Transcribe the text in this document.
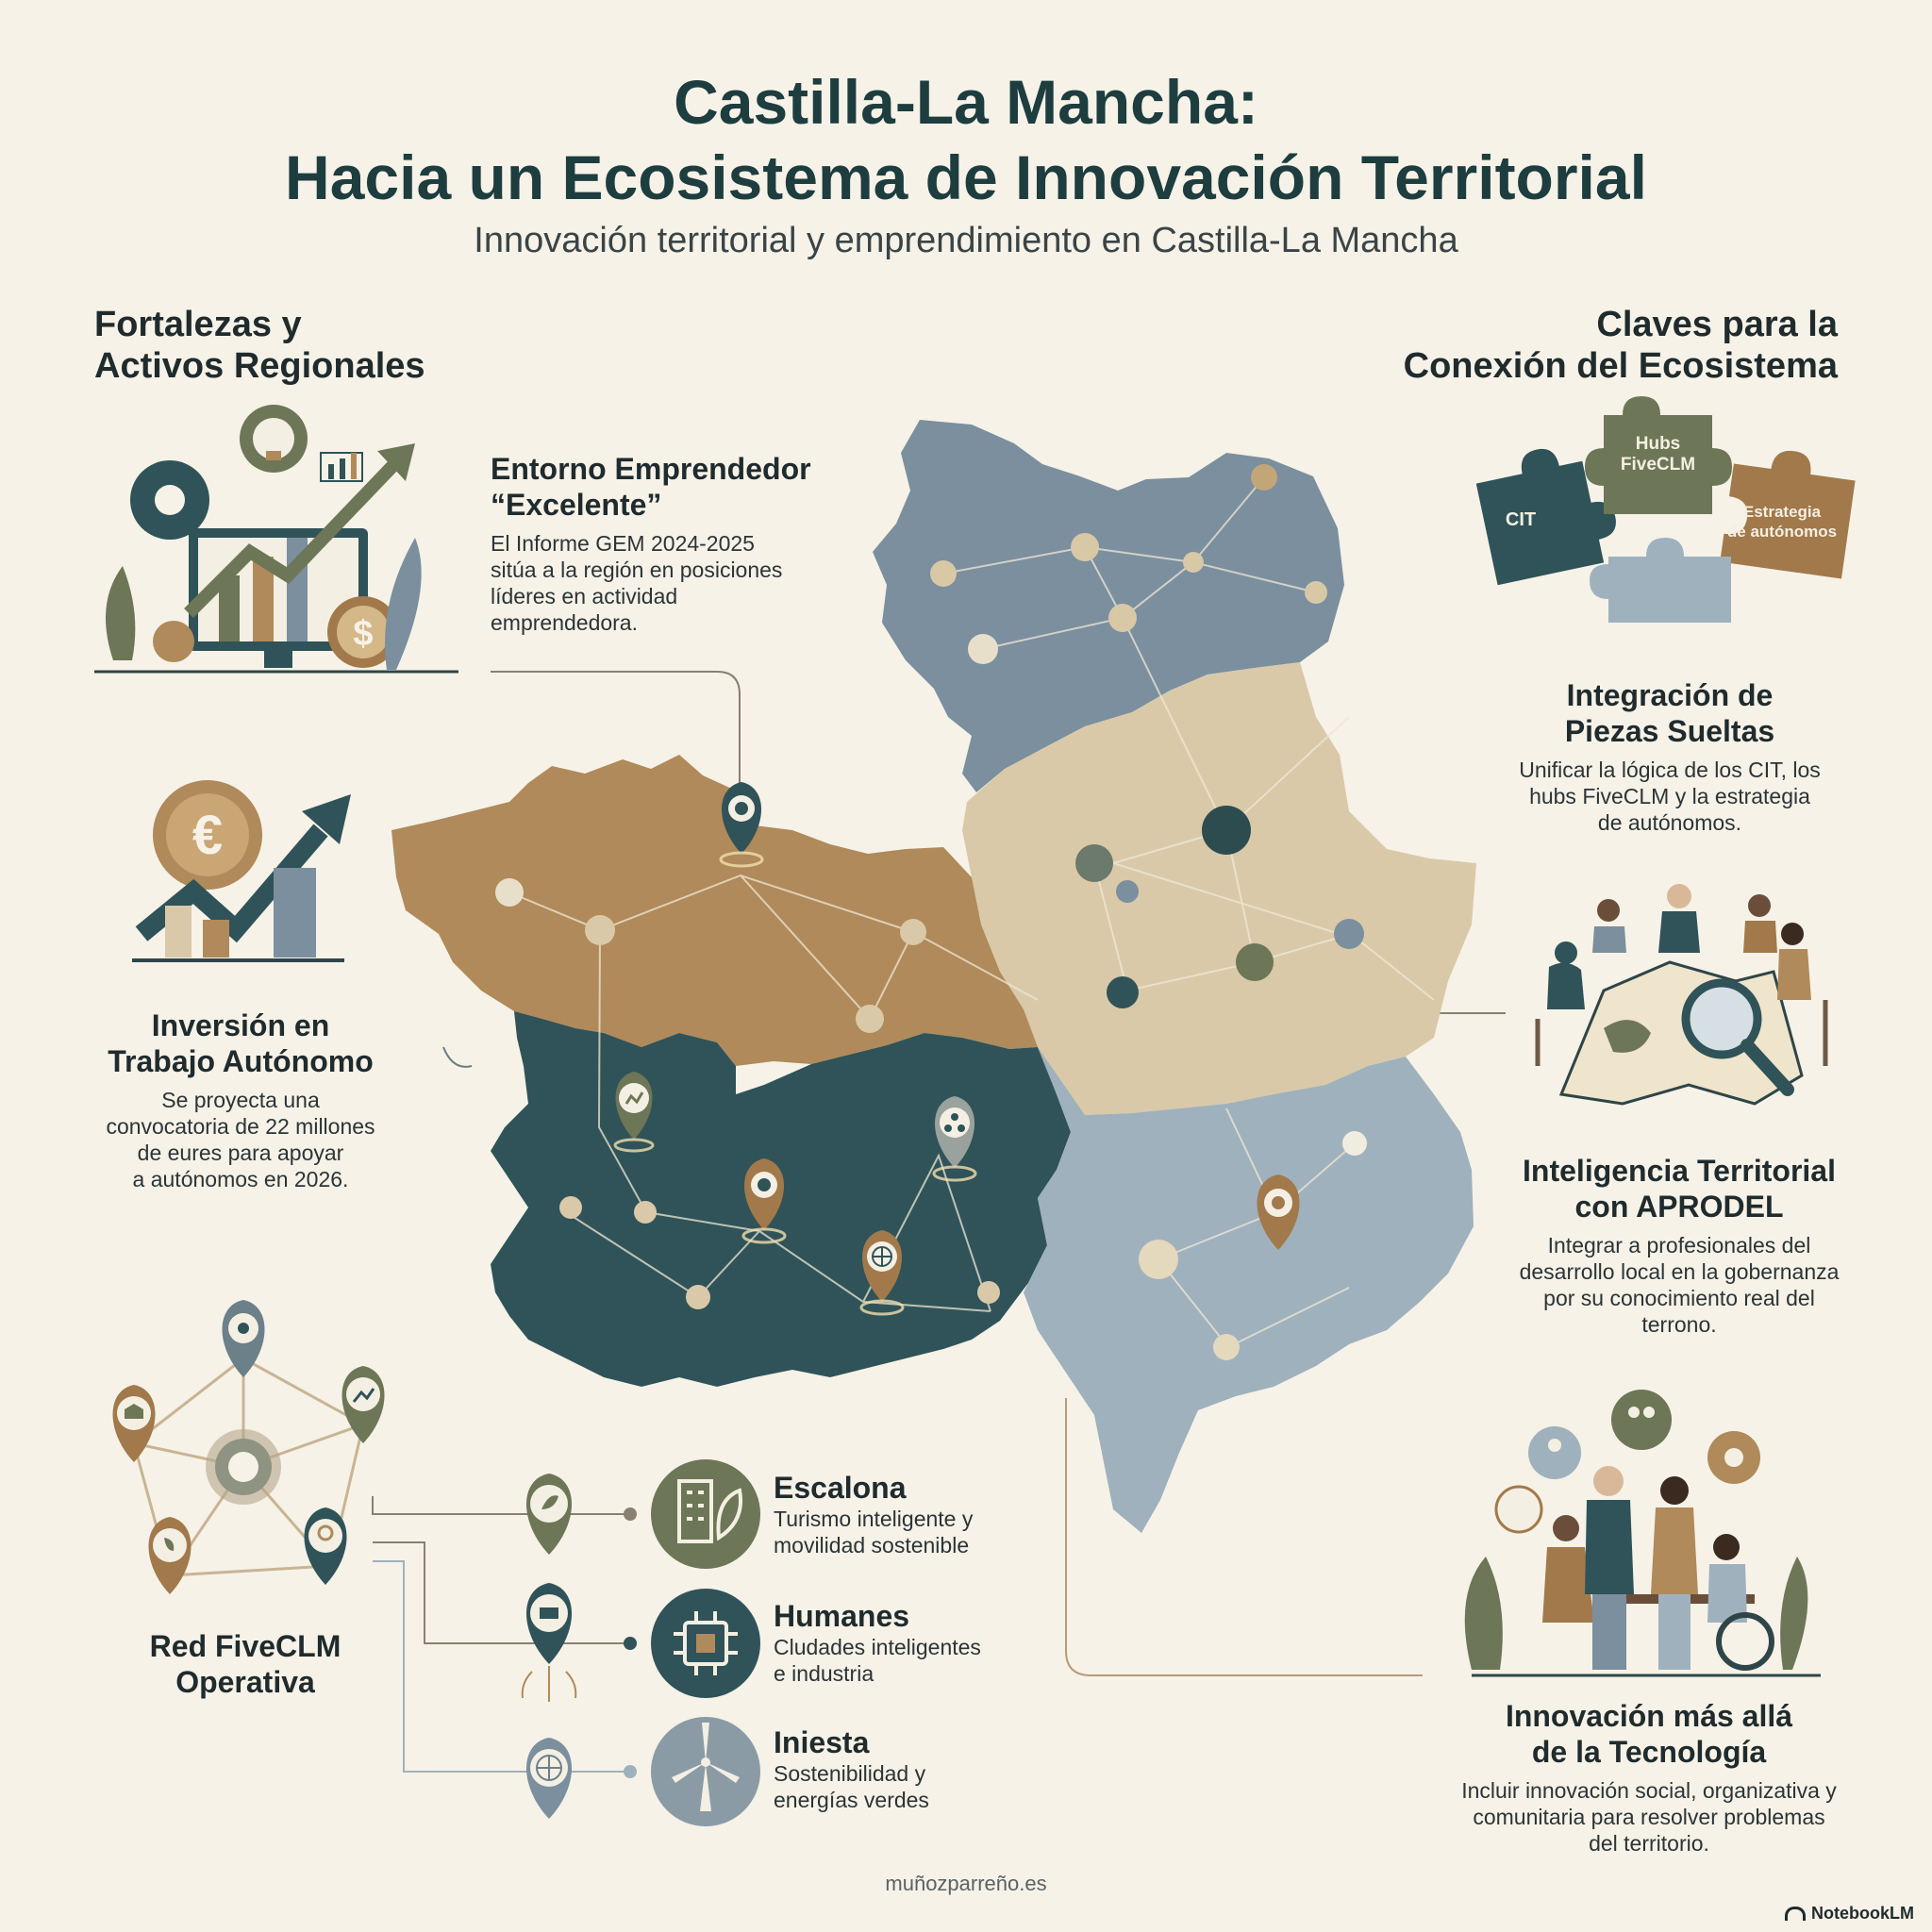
Castilla-La Mancha:
Hacia un Ecosistema de Innovación Territorial
Innovación territorial y emprendimiento en Castilla-La Mancha
Fortalezas y
Activos Regionales
Claves para la
Conexión del Ecosistema
$
€
CIT
Hubs
FiveCLM
Estrategia
de autónomos
Entorno Emprendedor
“Excelente”
El Informe GEM 2024-2025
sitúa a la región en posiciones
líderes en actividad
emprendedora.
Inversión en
Trabajo Autónomo
Se proyecta una
convocatoria de 22 millones
de eures para apoyar
a autónomos en 2026.
Red FiveCLM
Operativa
Escalona
Turismo inteligente y
movilidad sostenible
Humanes
Cludades inteligentes
e industria
Iniesta
Sostenibilidad y
energías verdes
Integración de
Piezas Sueltas
Unificar la lógica de los CIT, los
hubs FiveCLM y la estrategia
de autónomos.
Inteligencia Territorial
con APRODEL
Integrar a profesionales del
desarrollo local en la gobernanza
por su conocimiento real del
terrono.
Innovación más allá
de la Tecnología
Incluir innovación social, organizativa y
comunitaria para resolver problemas
del territorio.
muñozparreño.es
NotebookLM
